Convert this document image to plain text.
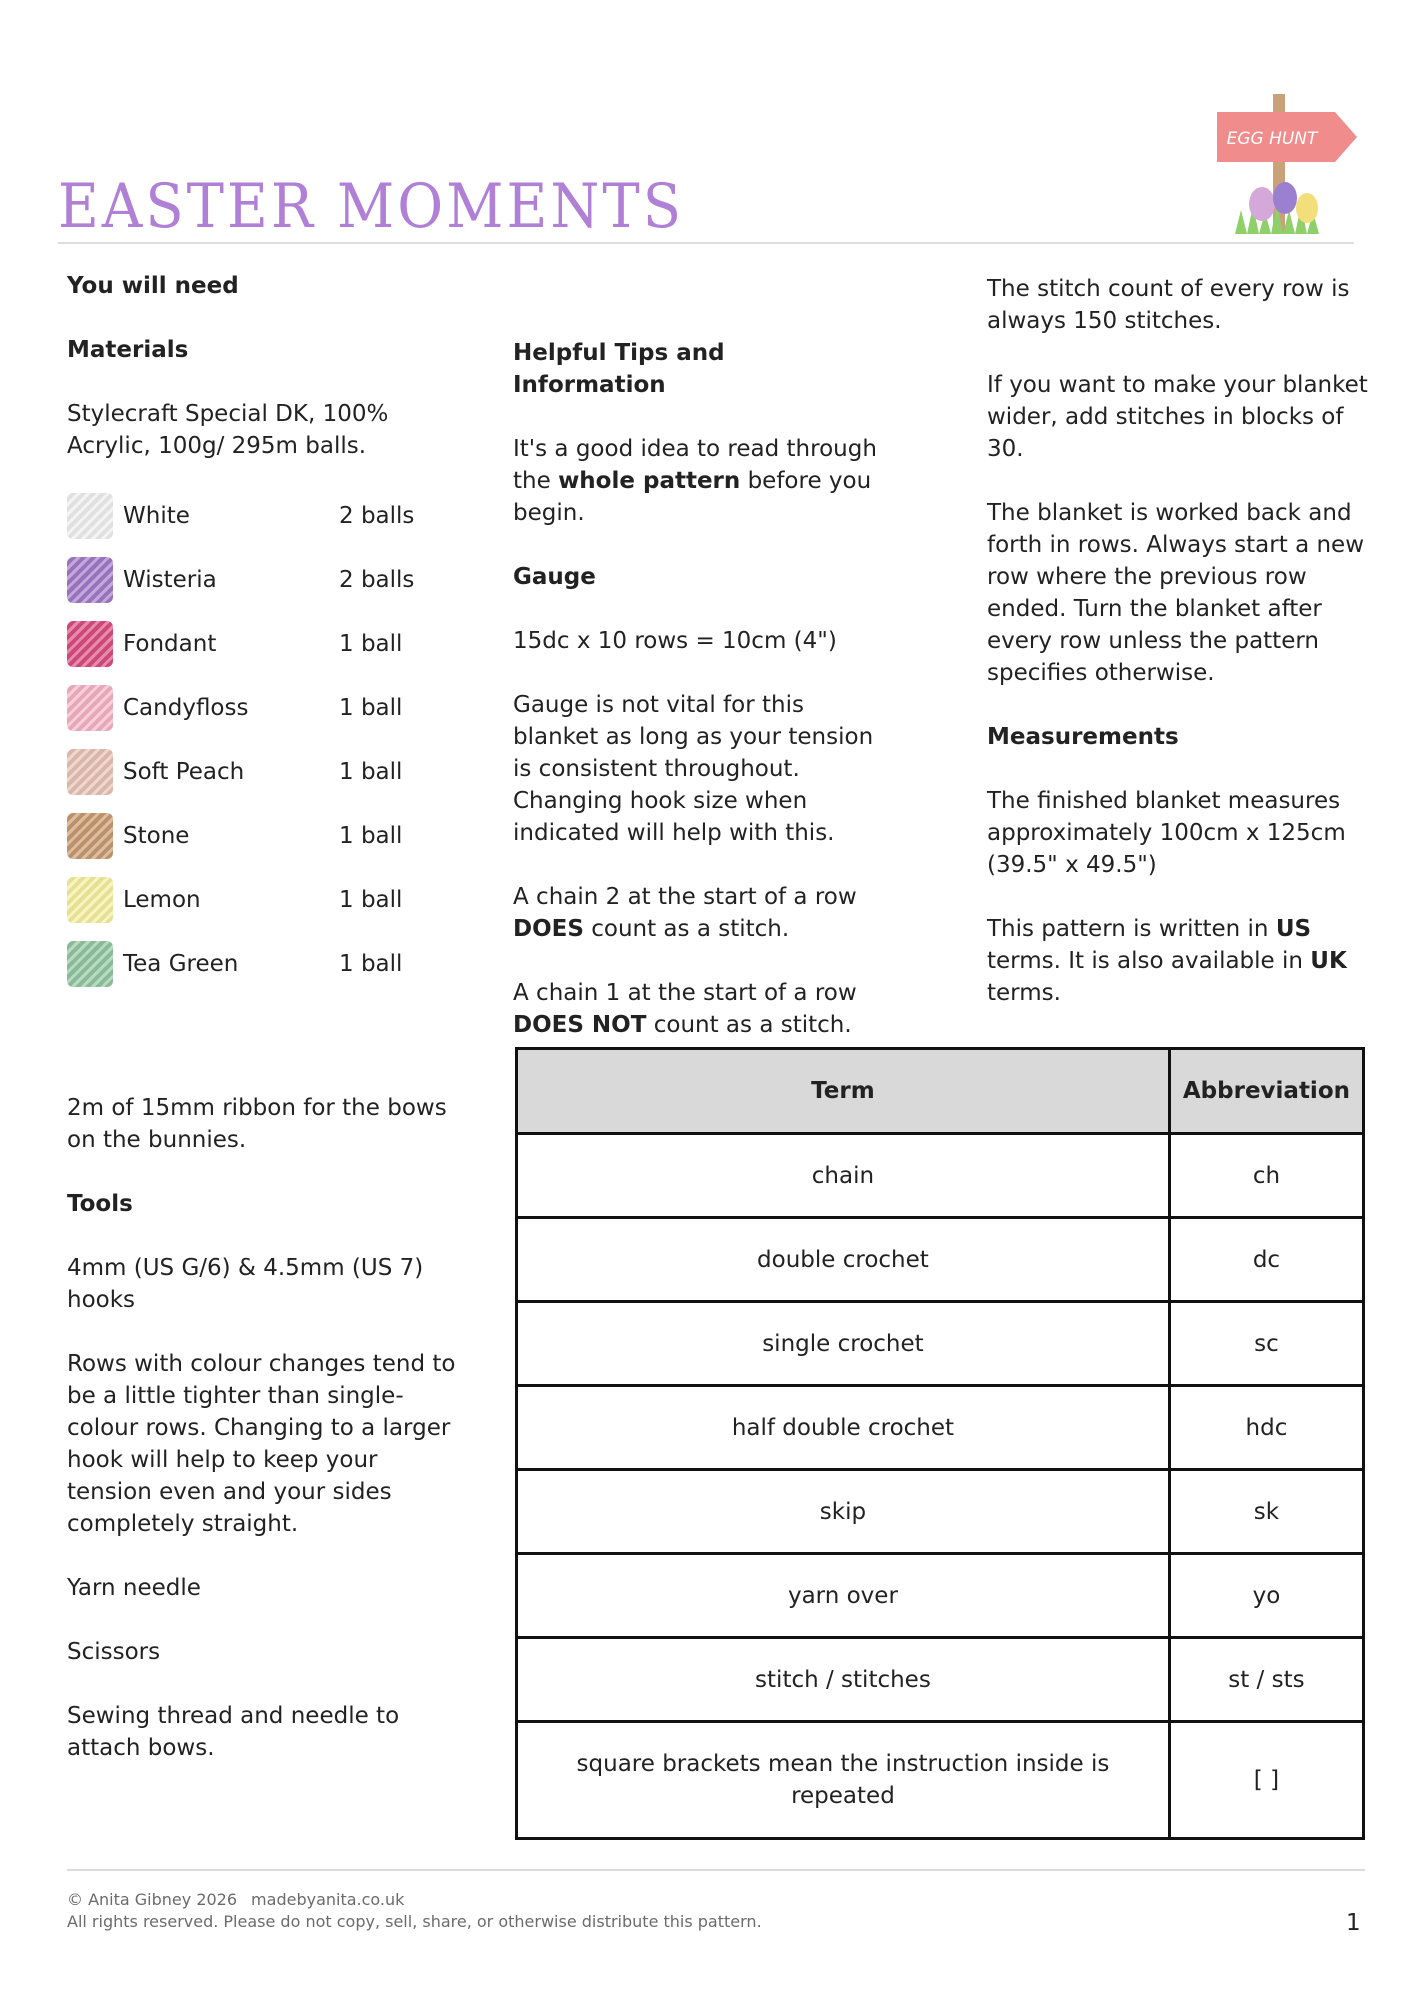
EASTER MOMENTS
EGG HUNT

You will need

Materials

Stylecraft Special DK, 100% Acrylic, 100g/ 295m balls.

White	2 balls
Wisteria	2 balls
Fondant	1 ball
Candyfloss	1 ball
Soft Peach	1 ball
Stone	1 ball
Lemon	1 ball
Tea Green	1 ball

2m of 15mm ribbon for the bows on the bunnies.

Tools

4mm (US G/6) & 4.5mm (US 7) hooks

Rows with colour changes tend to be a little tighter than single-colour rows. Changing to a larger hook will help to keep your tension even and your sides completely straight.

Yarn needle

Scissors

Sewing thread and needle to attach bows.

Helpful Tips and Information

It's a good idea to read through the whole pattern before you begin.

Gauge

15dc x 10 rows = 10cm (4")

Gauge is not vital for this blanket as long as your tension is consistent throughout. Changing hook size when indicated will help with this.

A chain 2 at the start of a row DOES count as a stitch.

A chain 1 at the start of a row DOES NOT count as a stitch.

The stitch count of every row is always 150 stitches.

If you want to make your blanket wider, add stitches in blocks of 30.

The blanket is worked back and forth in rows. Always start a new row where the previous row ended. Turn the blanket after every row unless the pattern specifies otherwise.

Measurements

The finished blanket measures approximately 100cm x 125cm (39.5" x 49.5")

This pattern is written in US terms. It is also available in UK terms.

Term	Abbreviation
chain	ch
double crochet	dc
single crochet	sc
half double crochet	hdc
skip	sk
yarn over	yo
stitch / stitches	st / sts
square brackets mean the instruction inside is repeated	[ ]
© Anita Gibney 2026 madebyanita.co.uk
All rights reserved. Please do not copy, sell, share, or otherwise distribute this pattern.	1
